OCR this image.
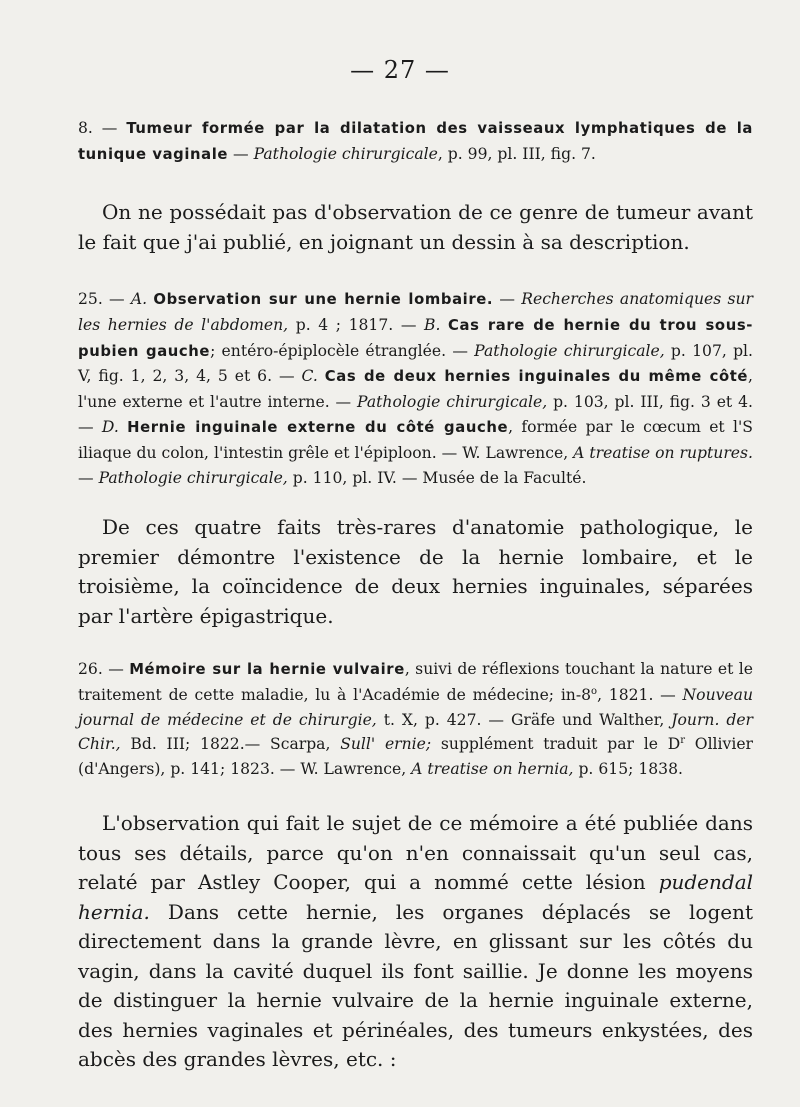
— 27 —

8. — Tumeur formée par la dilatation des vaisseaux lymphatiques de la tunique vaginale — Pathologie chirurgicale, p. 99, pl. III, fig. 7.

On ne possédait pas d'observation de ce genre de tumeur avant le fait que j'ai publié, en joignant un dessin à sa description.

25. — A. Observation sur une hernie lombaire. — Recherches anatomiques sur les hernies de l'abdomen, p. 4 ; 1817. — B. Cas rare de hernie du trou sous-pubien gauche; entéro-épiplocèle étranglée. — Pathologie chirurgicale, p. 107, pl. V, fig. 1, 2, 3, 4, 5 et 6. — C. Cas de deux hernies inguinales du même côté, l'une externe et l'autre interne. — Pathologie chirurgicale, p. 103, pl. III, fig. 3 et 4. — D. Hernie inguinale externe du côté gauche, formée par le cœcum et l'S iliaque du colon, l'intestin grêle et l'épiploon. — W. Lawrence, A treatise on ruptures. — Pathologie chirurgicale, p. 110, pl. IV. — Musée de la Faculté.

De ces quatre faits très-rares d'anatomie pathologique, le premier démontre l'existence de la hernie lombaire, et le troisième, la coïncidence de deux hernies inguinales, séparées par l'artère épigastrique.

26. — Mémoire sur la hernie vulvaire, suivi de réflexions touchant la nature et le traitement de cette maladie, lu à l'Académie de médecine; in-8$^o$, 1821. — Nouveau journal de médecine et de chirurgie, t. X, p. 427. — Gräfe und Walther, Journ. der Chir., Bd. III; 1822.— Scarpa, Sull' ernie; supplément traduit par le $D^r$ Ollivier (d'Angers), p. 141; 1823. — W. Lawrence, A treatise on hernia, p. 615; 1838.

L'observation qui fait le sujet de ce mémoire a été publiée dans tous ses détails, parce qu'on n'en connaissait qu'un seul cas, relaté par Astley Cooper, qui a nommé cette lésion pudendal hernia. Dans cette hernie, les organes déplacés se logent directement dans la grande lèvre, en glissant sur les côtés du vagin, dans la cavité duquel ils font saillie. Je donne les moyens de distinguer la hernie vulvaire de la hernie inguinale externe, des hernies vaginales et périnéales, des tumeurs enkystées, des abcès des grandes lèvres, etc. :
